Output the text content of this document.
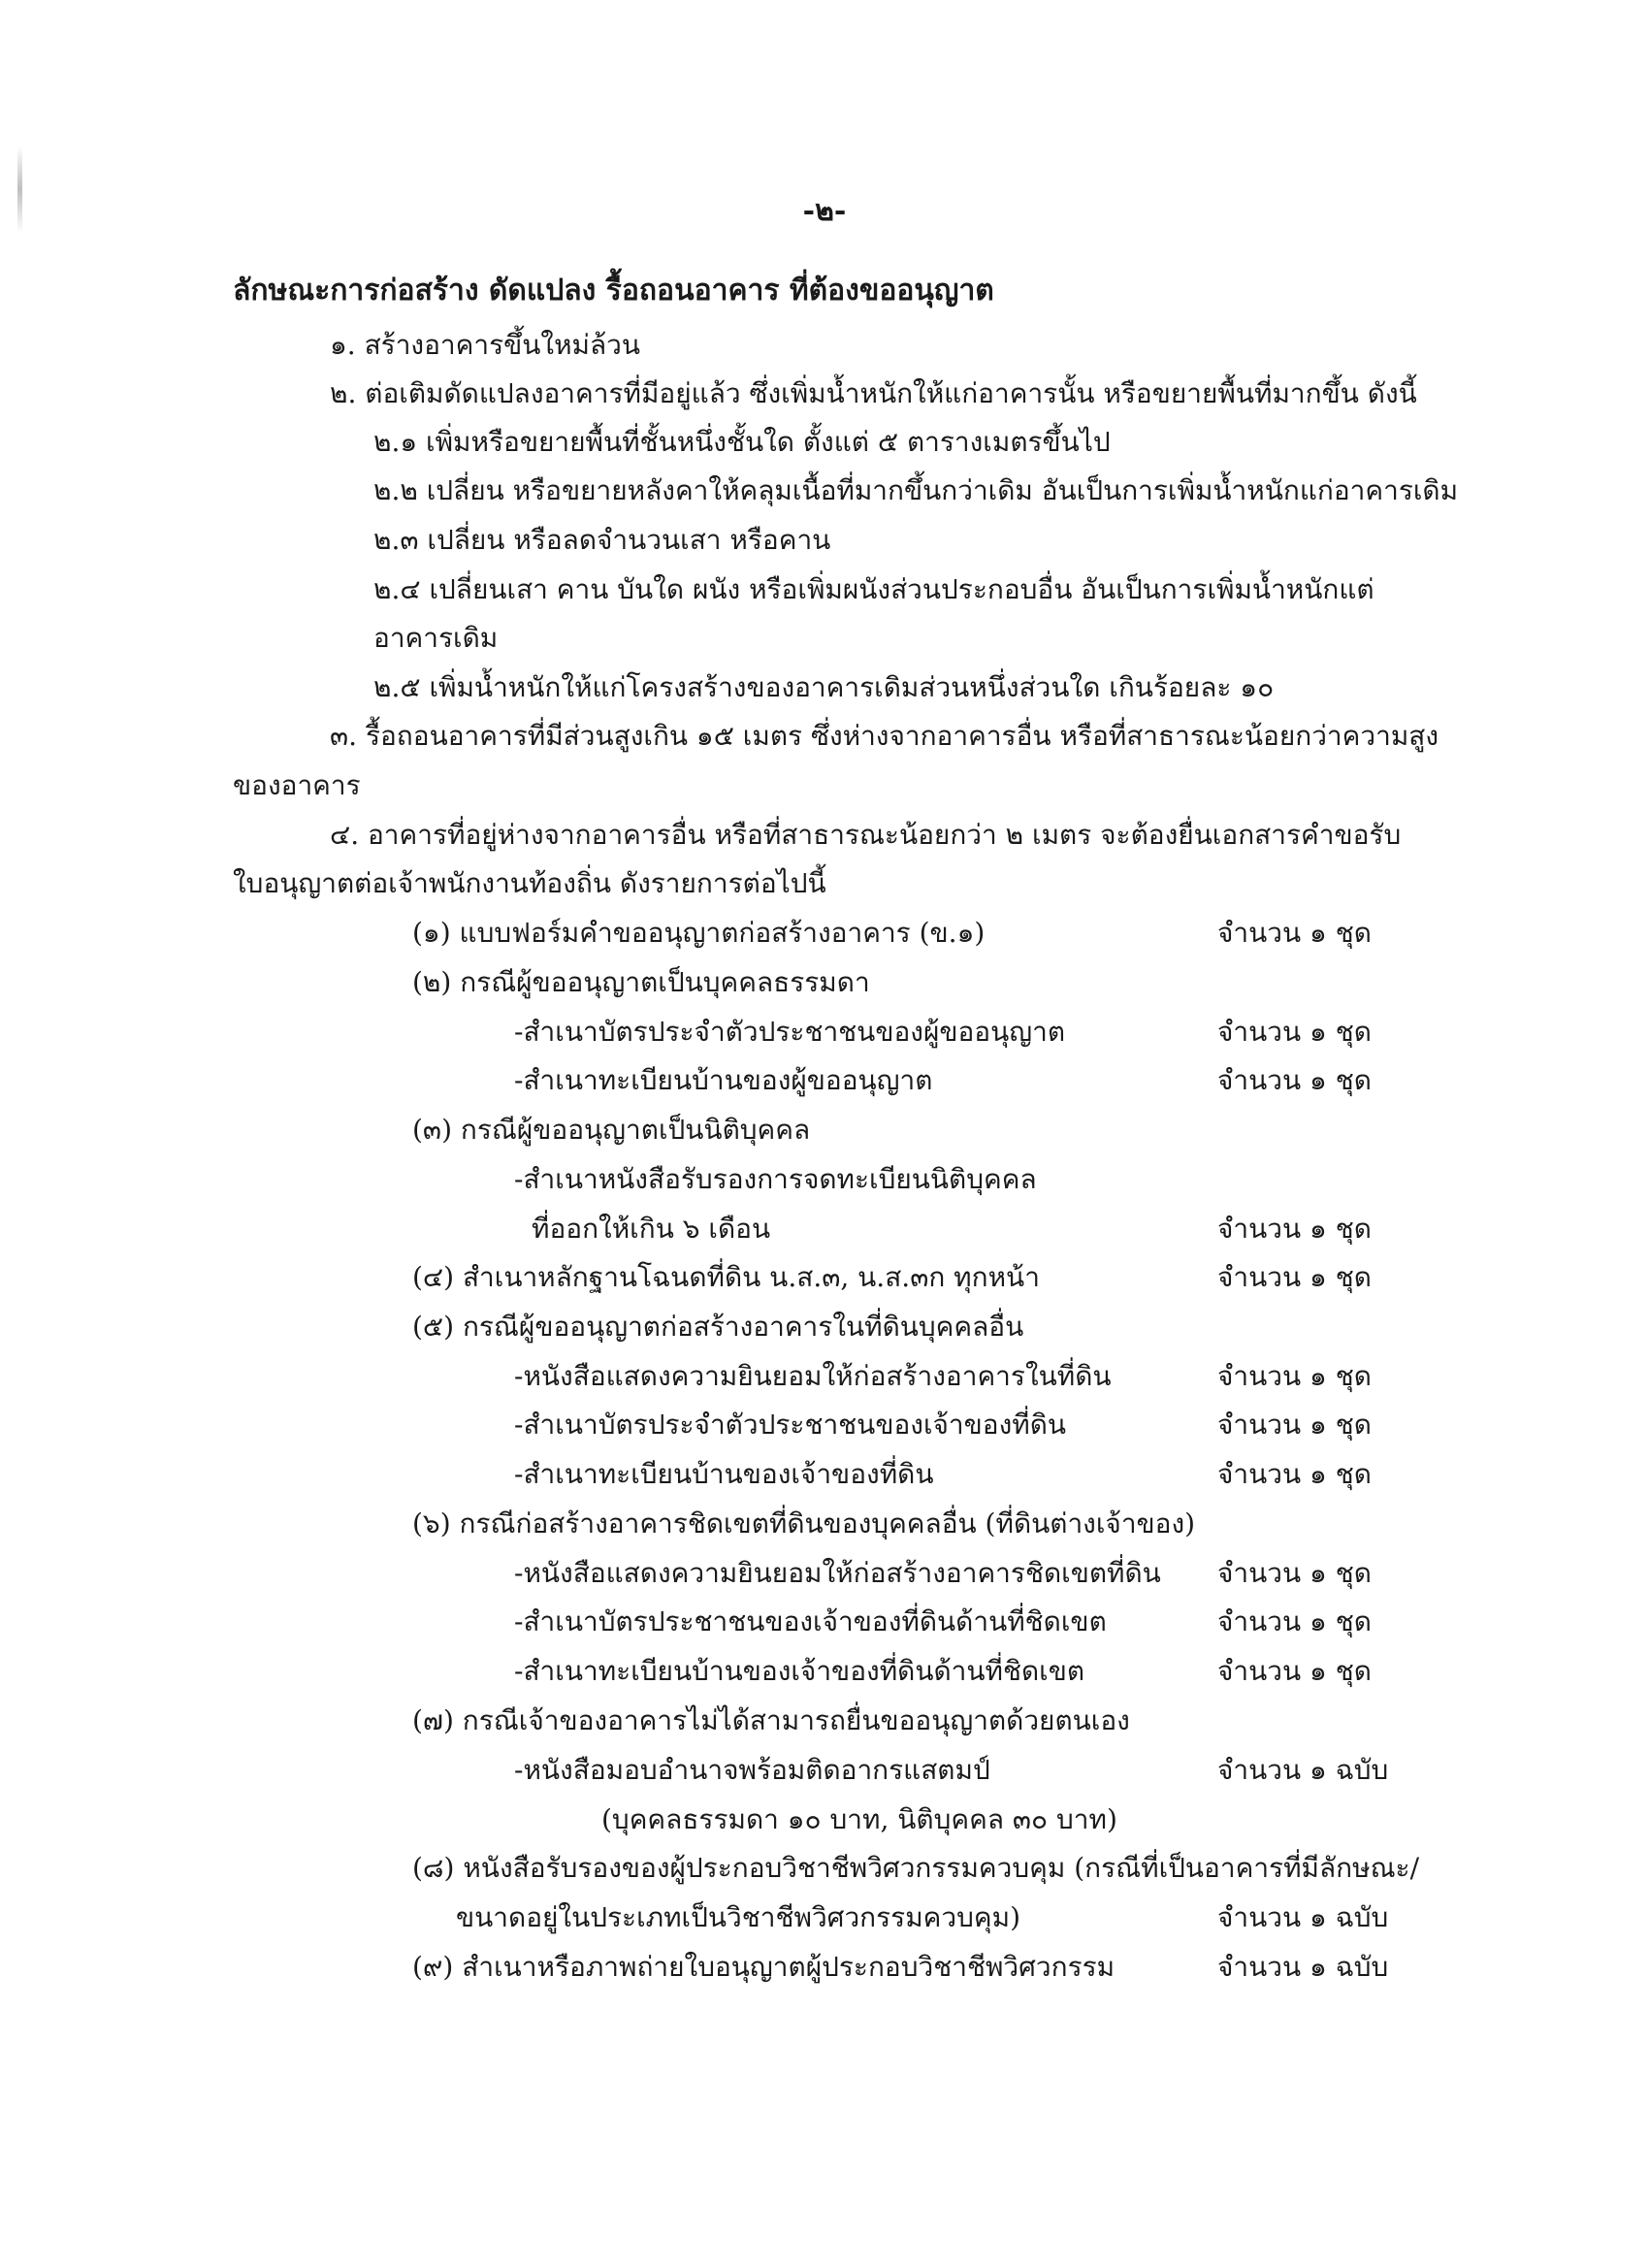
-๒-
ลักษณะการก่อสร้าง ดัดแปลง รื้อถอนอาคาร ที่ต้องขออนุญาต
๑. สร้างอาคารขึ้นใหม่ล้วน
๒. ต่อเติมดัดแปลงอาคารที่มีอยู่แล้ว ซึ่งเพิ่มน้ำหนักให้แก่อาคารนั้น หรือขยายพื้นที่มากขึ้น ดังนี้
๒.๑ เพิ่มหรือขยายพื้นที่ชั้นหนึ่งชั้นใด ตั้งแต่ ๕ ตารางเมตรขึ้นไป
๒.๒ เปลี่ยน หรือขยายหลังคาให้คลุมเนื้อที่มากขึ้นกว่าเดิม อันเป็นการเพิ่มน้ำหนักแก่อาคารเดิม
๒.๓ เปลี่ยน หรือลดจำนวนเสา หรือคาน
๒.๔ เปลี่ยนเสา คาน บันใด ผนัง หรือเพิ่มผนังส่วนประกอบอื่น อันเป็นการเพิ่มน้ำหนักแต่
อาคารเดิม
๒.๕ เพิ่มน้ำหนักให้แก่โครงสร้างของอาคารเดิมส่วนหนึ่งส่วนใด เกินร้อยละ ๑๐
๓. รื้อถอนอาคารที่มีส่วนสูงเกิน ๑๕ เมตร ซึ่งห่างจากอาคารอื่น หรือที่สาธารณะน้อยกว่าความสูง
ของอาคาร
๔. อาคารที่อยู่ห่างจากอาคารอื่น หรือที่สาธารณะน้อยกว่า ๒ เมตร จะต้องยื่นเอกสารคำขอรับ
ใบอนุญาตต่อเจ้าพนักงานท้องถิ่น ดังรายการต่อไปนี้
(๑) แบบฟอร์มคำขออนุญาตก่อสร้างอาคาร (ข.๑)	จำนวน ๑ ชุด
(๒) กรณีผู้ขออนุญาตเป็นบุคคลธรรมดา
-สำเนาบัตรประจำตัวประชาชนของผู้ขออนุญาต	จำนวน ๑ ชุด
-สำเนาทะเบียนบ้านของผู้ขออนุญาต	จำนวน ๑ ชุด
(๓) กรณีผู้ขออนุญาตเป็นนิติบุคคล
-สำเนาหนังสือรับรองการจดทะเบียนนิติบุคคล
ที่ออกให้เกิน ๖ เดือน	จำนวน ๑ ชุด
(๔) สำเนาหลักฐานโฉนดที่ดิน น.ส.๓, น.ส.๓ก ทุกหน้า	จำนวน ๑ ชุด
(๕) กรณีผู้ขออนุญาตก่อสร้างอาคารในที่ดินบุคคลอื่น
-หนังสือแสดงความยินยอมให้ก่อสร้างอาคารในที่ดิน	จำนวน ๑ ชุด
-สำเนาบัตรประจำตัวประชาชนของเจ้าของที่ดิน	จำนวน ๑ ชุด
-สำเนาทะเบียนบ้านของเจ้าของที่ดิน	จำนวน ๑ ชุด
(๖) กรณีก่อสร้างอาคารชิดเขตที่ดินของบุคคลอื่น (ที่ดินต่างเจ้าของ)
-หนังสือแสดงความยินยอมให้ก่อสร้างอาคารชิดเขตที่ดิน จำนวน ๑ ชุด
-สำเนาบัตรประชาชนของเจ้าของที่ดินด้านที่ชิดเขต	จำนวน ๑ ชุด
-สำเนาทะเบียนบ้านของเจ้าของที่ดินด้านที่ชิดเขต	จำนวน ๑ ชุด
(๗) กรณีเจ้าของอาคารไม่ได้สามารถยื่นขออนุญาตด้วยตนเอง
-หนังสือมอบอำนาจพร้อมติดอากรแสตมป์	จำนวน ๑ ฉบับ
(บุคคลธรรมดา ๑๐ บาท, นิติบุคคล ๓๐ บาท)
(๘) หนังสือรับรองของผู้ประกอบวิชาชีพวิศวกรรมควบคุม (กรณีที่เป็นอาคารที่มีลักษณะ/
ขนาดอยู่ในประเภทเป็นวิชาชีพวิศวกรรมควบคุม)	จำนวน ๑ ฉบับ
(๙) สำเนาหรือภาพถ่ายใบอนุญาตผู้ประกอบวิชาชีพวิศวกรรม	จำนวน ๑ ฉบับ
